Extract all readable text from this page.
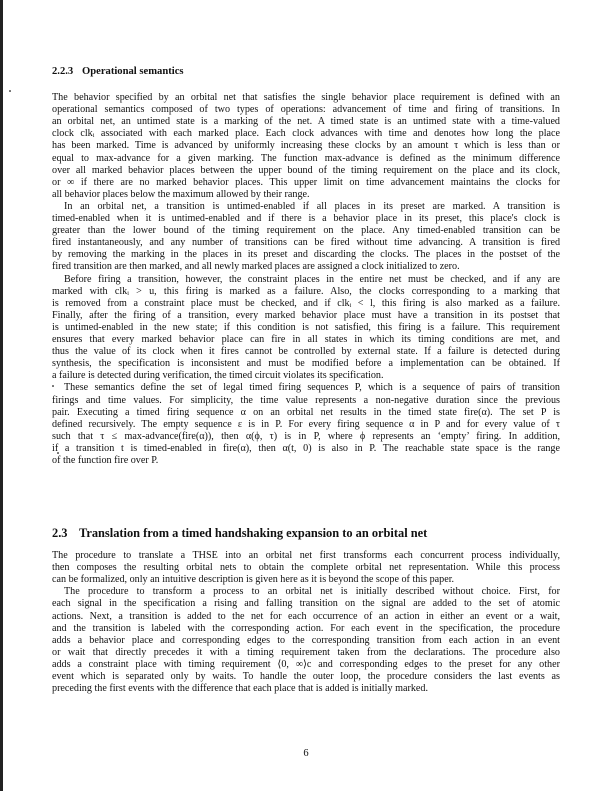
2.2.3 Operational semantics
The behavior specified by an orbital net that satisfies the single behavior place requirement is defined with an
operational semantics composed of two types of operations: advancement of time and firing of transitions. In
an orbital net, an untimed state is a marking of the net. A timed state is an untimed state with a time-valued
clock clkᵢ associated with each marked place. Each clock advances with time and denotes how long the place
has been marked. Time is advanced by uniformly increasing these clocks by an amount τ which is less than or
equal to max-advance for a given marking. The function max-advance is defined as the minimum difference
over all marked behavior places between the upper bound of the timing requirement on the place and its clock,
or ∞ if there are no marked behavior places. This upper limit on time advancement maintains the clocks for
all behavior places below the maximum allowed by their range.
In an orbital net, a transition is untimed-enabled if all places in its preset are marked. A transition is
timed-enabled when it is untimed-enabled and if there is a behavior place in its preset, this place's clock is
greater than the lower bound of the timing requirement on the place. Any timed-enabled transition can be
fired instantaneously, and any number of transitions can be fired without time advancing. A transition is fired
by removing the marking in the places in its preset and discarding the clocks. The places in the postset of the
fired transition are then marked, and all newly marked places are assigned a clock initialized to zero.
Before firing a transition, however, the constraint places in the entire net must be checked, and if any are
marked with clkᵢ > u, this firing is marked as a failure. Also, the clocks corresponding to a marking that
is removed from a constraint place must be checked, and if clkᵢ < l, this firing is also marked as a failure.
Finally, after the firing of a transition, every marked behavior place must have a transition in its postset that
is untimed-enabled in the new state; if this condition is not satisfied, this firing is a failure. This requirement
ensures that every marked behavior place can fire in all states in which its timing conditions are met, and
thus the value of its clock when it fires cannot be controlled by external state. If a failure is detected during
synthesis, the specification is inconsistent and must be modified before a implementation can be obtained. If
a failure is detected during verification, the timed circuit violates its specification.
These semantics define the set of legal timed firing sequences P, which is a sequence of pairs of transition
firings and time values. For simplicity, the time value represents a non-negative duration since the previous
pair. Executing a timed firing sequence α on an orbital net results in the timed state fire(α). The set P is
defined recursively. The empty sequence ε is in P. For every firing sequence α in P and for every value of τ
such that τ ≤ max-advance(fire(α)), then α(ϕ, τ) is in P, where ϕ represents an ‘empty’ firing. In addition,
if a transition t is timed-enabled in fire(α), then α(t, 0) is also in P. The reachable state space is the range
of the function fire over P.
2.3 Translation from a timed handshaking expansion to an orbital net
The procedure to translate a THSE into an orbital net first transforms each concurrent process individually,
then composes the resulting orbital nets to obtain the complete orbital net representation. While this process
can be formalized, only an intuitive description is given here as it is beyond the scope of this paper.
The procedure to transform a process to an orbital net is initially described without choice. First, for
each signal in the specification a rising and falling transition on the signal are added to the set of atomic
actions. Next, a transition is added to the net for each occurrence of an action in either an event or a wait,
and the transition is labeled with the corresponding action. For each event in the specification, the procedure
adds a behavior place and corresponding edges to the corresponding transition from each action in an event
or wait that directly precedes it with a timing requirement taken from the declarations. The procedure also
adds a constraint place with timing requirement ⟨0, ∞⟩c and corresponding edges to the preset for any other
event which is separated only by waits. To handle the outer loop, the procedure considers the last events as
preceding the first events with the difference that each place that is added is initially marked.
6
